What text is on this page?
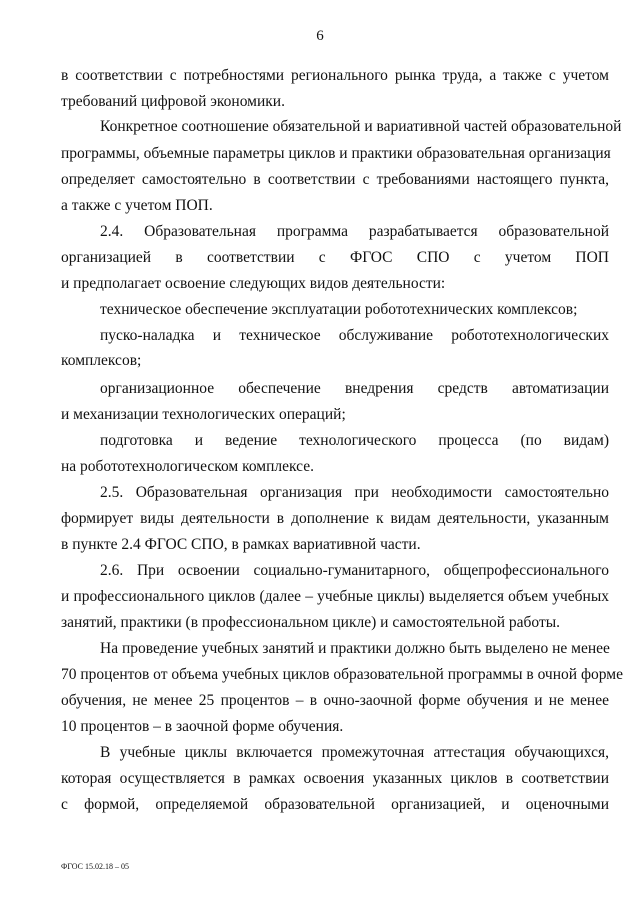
6
в соответствии с потребностями регионального рынка труда, а также с учетом
требований цифровой экономики.
Конкретное соотношение обязательной и вариативной частей образовательной
программы, объемные параметры циклов и практики образовательная организация
определяет самостоятельно в соответствии с требованиями настоящего пункта,
а также с учетом ПОП.
2.4. Образовательная программа разрабатывается образовательной
организацией в соответствии с ФГОС СПО с учетом ПОП
и предполагает освоение следующих видов деятельности:
техническое обеспечение эксплуатации робототехнических комплексов;
пуско-наладка и техническое обслуживание робототехнологических
комплексов;
организационное обеспечение внедрения средств автоматизации
и механизации технологических операций;
подготовка и ведение технологического процесса (по видам)
на робототехнологическом комплексе.
2.5. Образовательная организация при необходимости самостоятельно
формирует виды деятельности в дополнение к видам деятельности, указанным
в пункте 2.4 ФГОС СПО, в рамках вариативной части.
2.6. При освоении социально-гуманитарного, общепрофессионального
и профессионального циклов (далее – учебные циклы) выделяется объем учебных
занятий, практики (в профессиональном цикле) и самостоятельной работы.
На проведение учебных занятий и практики должно быть выделено не менее
70 процентов от объема учебных циклов образовательной программы в очной форме
обучения, не менее 25 процентов – в очно-заочной форме обучения и не менее
10 процентов – в заочной форме обучения.
В учебные циклы включается промежуточная аттестация обучающихся,
которая осуществляется в рамках освоения указанных циклов в соответствии
с формой, определяемой образовательной организацией, и оценочными
ФГОС 15.02.18 – 05
